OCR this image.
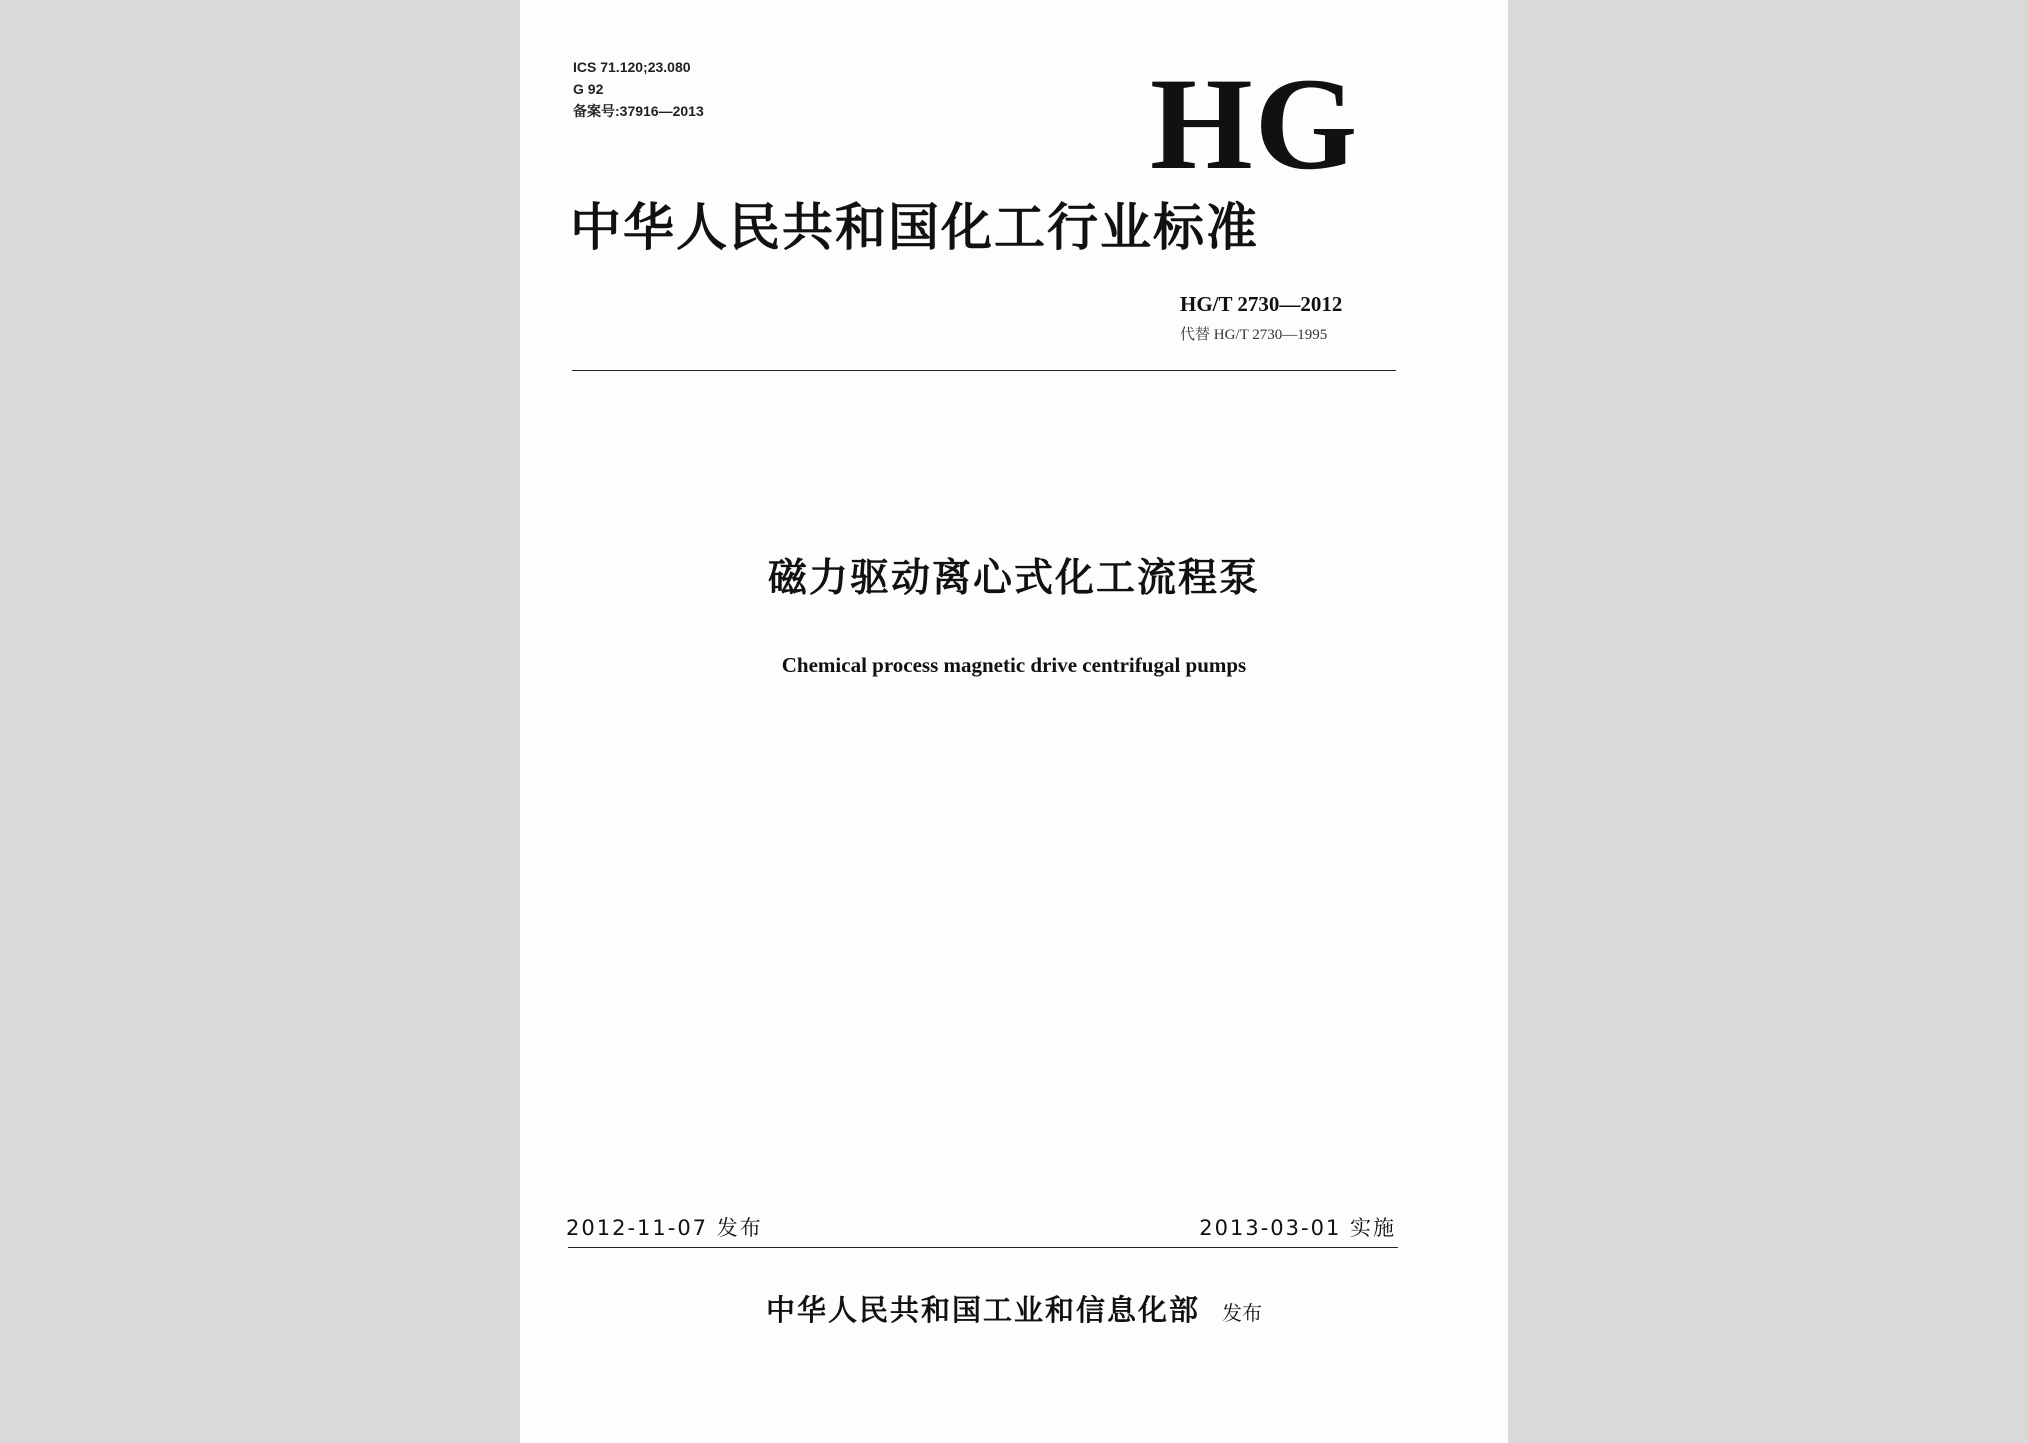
ICS 71.120;23.080
G 92
备案号:37916—2013	HG
中华人民共和国化工行业标准
HG/T 2730—2012
代替 HG/T 2730—1995
磁力驱动离心式化工流程泵
Chemical process magnetic drive centrifugal pumps
2012-11-07 发布	2013-03-01 实施
中华人民共和国工业和信息化部 发布
